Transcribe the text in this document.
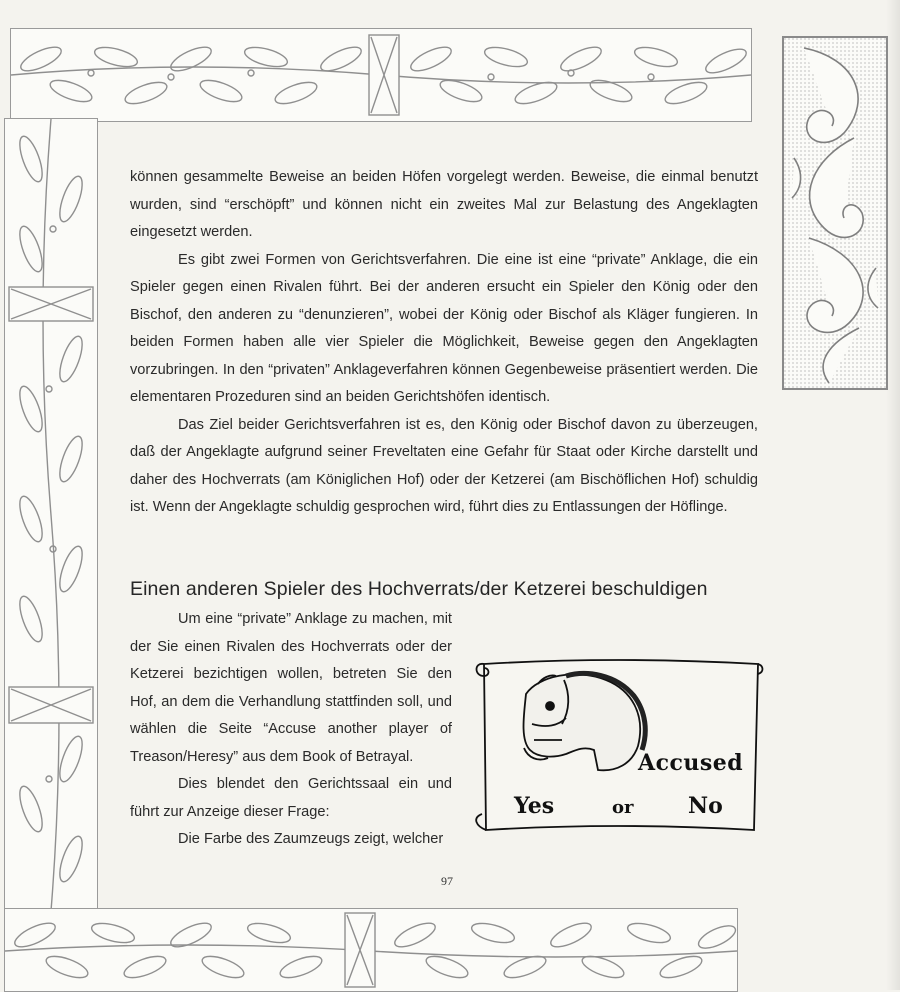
können gesammelte Beweise an beiden Höfen vorgelegt werden. Beweise, die einmal benutzt wurden, sind “erschöpft” und können nicht ein zweites Mal zur Belastung des Angeklagten eingesetzt werden.

Es gibt zwei Formen von Gerichtsverfahren. Die eine ist eine “private” Anklage, die ein Spieler gegen einen Rivalen führt. Bei der anderen ersucht ein Spieler den König oder den Bischof, den anderen zu “denunzieren”, wobei der König oder Bischof als Kläger fungieren. In beiden Formen haben alle vier Spieler die Möglichkeit, Beweise gegen den Angeklagten vorzubringen. In den “privaten” Anklageverfahren können Gegenbeweise präsentiert werden. Die elementaren Prozeduren sind an beiden Gerichtshöfen identisch.

Das Ziel beider Gerichtsverfahren ist es, den König oder Bischof davon zu überzeugen, daß der Angeklagte aufgrund seiner Freveltaten eine Gefahr für Staat oder Kirche darstellt und daher des Hochverrats (am Königlichen Hof) oder der Ketzerei (am Bischöflichen Hof) schuldig ist. Wenn der Angeklagte schuldig gesprochen wird, führt dies zu Entlassungen der Höflinge.

Einen anderen Spieler des Hochverrats/der Ketzerei beschuldigen

Um eine “private” Anklage zu machen, mit der Sie einen Rivalen des Hochverrats oder der Ketzerei bezichtigen wollen, betreten Sie den Hof, an dem die Verhandlung stattfinden soll, und wählen die Seite “Accuse another player of Treason/Heresy” aus dem Book of Betrayal.

Dies blendet den Gerichtssaal ein und führt zur Anzeige dieser Frage:

Die Farbe des Zaumzeugs zeigt, welcher

Accused
Yes	or No
97
